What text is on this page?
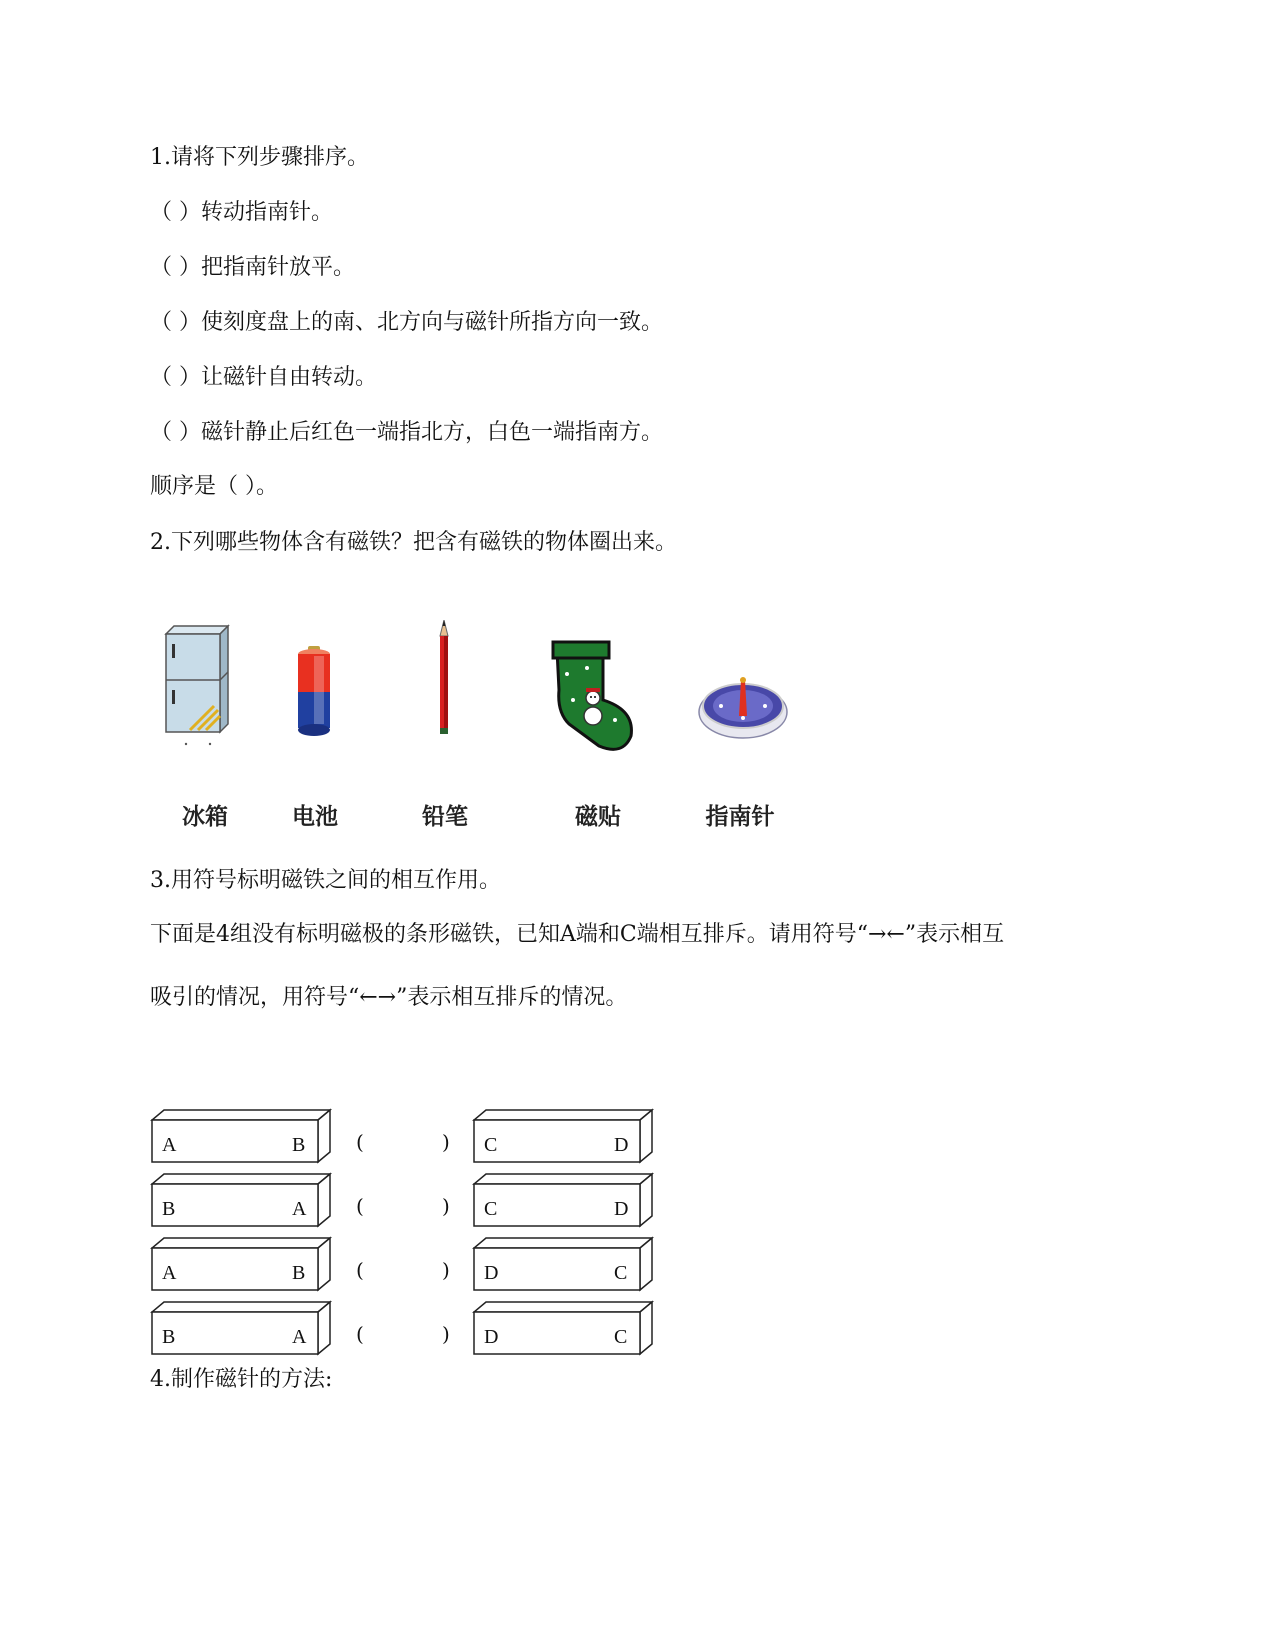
1.请将下列步骤排序。
（ ）转动指南针。
（ ）把指南针放平。
（ ）使刻度盘上的南、北方向与磁针所指方向一致。
（ ）让磁针自由转动。
（ ）磁针静止后红色一端指北方，白色一端指南方。
顺序是（ ）。
2.下列哪些物体含有磁铁？把含有磁铁的物体圈出来。
冰箱	电池	铅笔	磁贴	指南针
3.用符号标明磁铁之间的相互作用。
下面是4组没有标明磁极的条形磁铁，已知A端和C端相互排斥。请用符号“→←”表示相互
吸引的情况，用符号“←→”表示相互排斥的情况。
A	B	(	) C	D
B	A (	) C	D
A	B	(	) D	C
B	A (	) D	C
4.制作磁针的方法:
